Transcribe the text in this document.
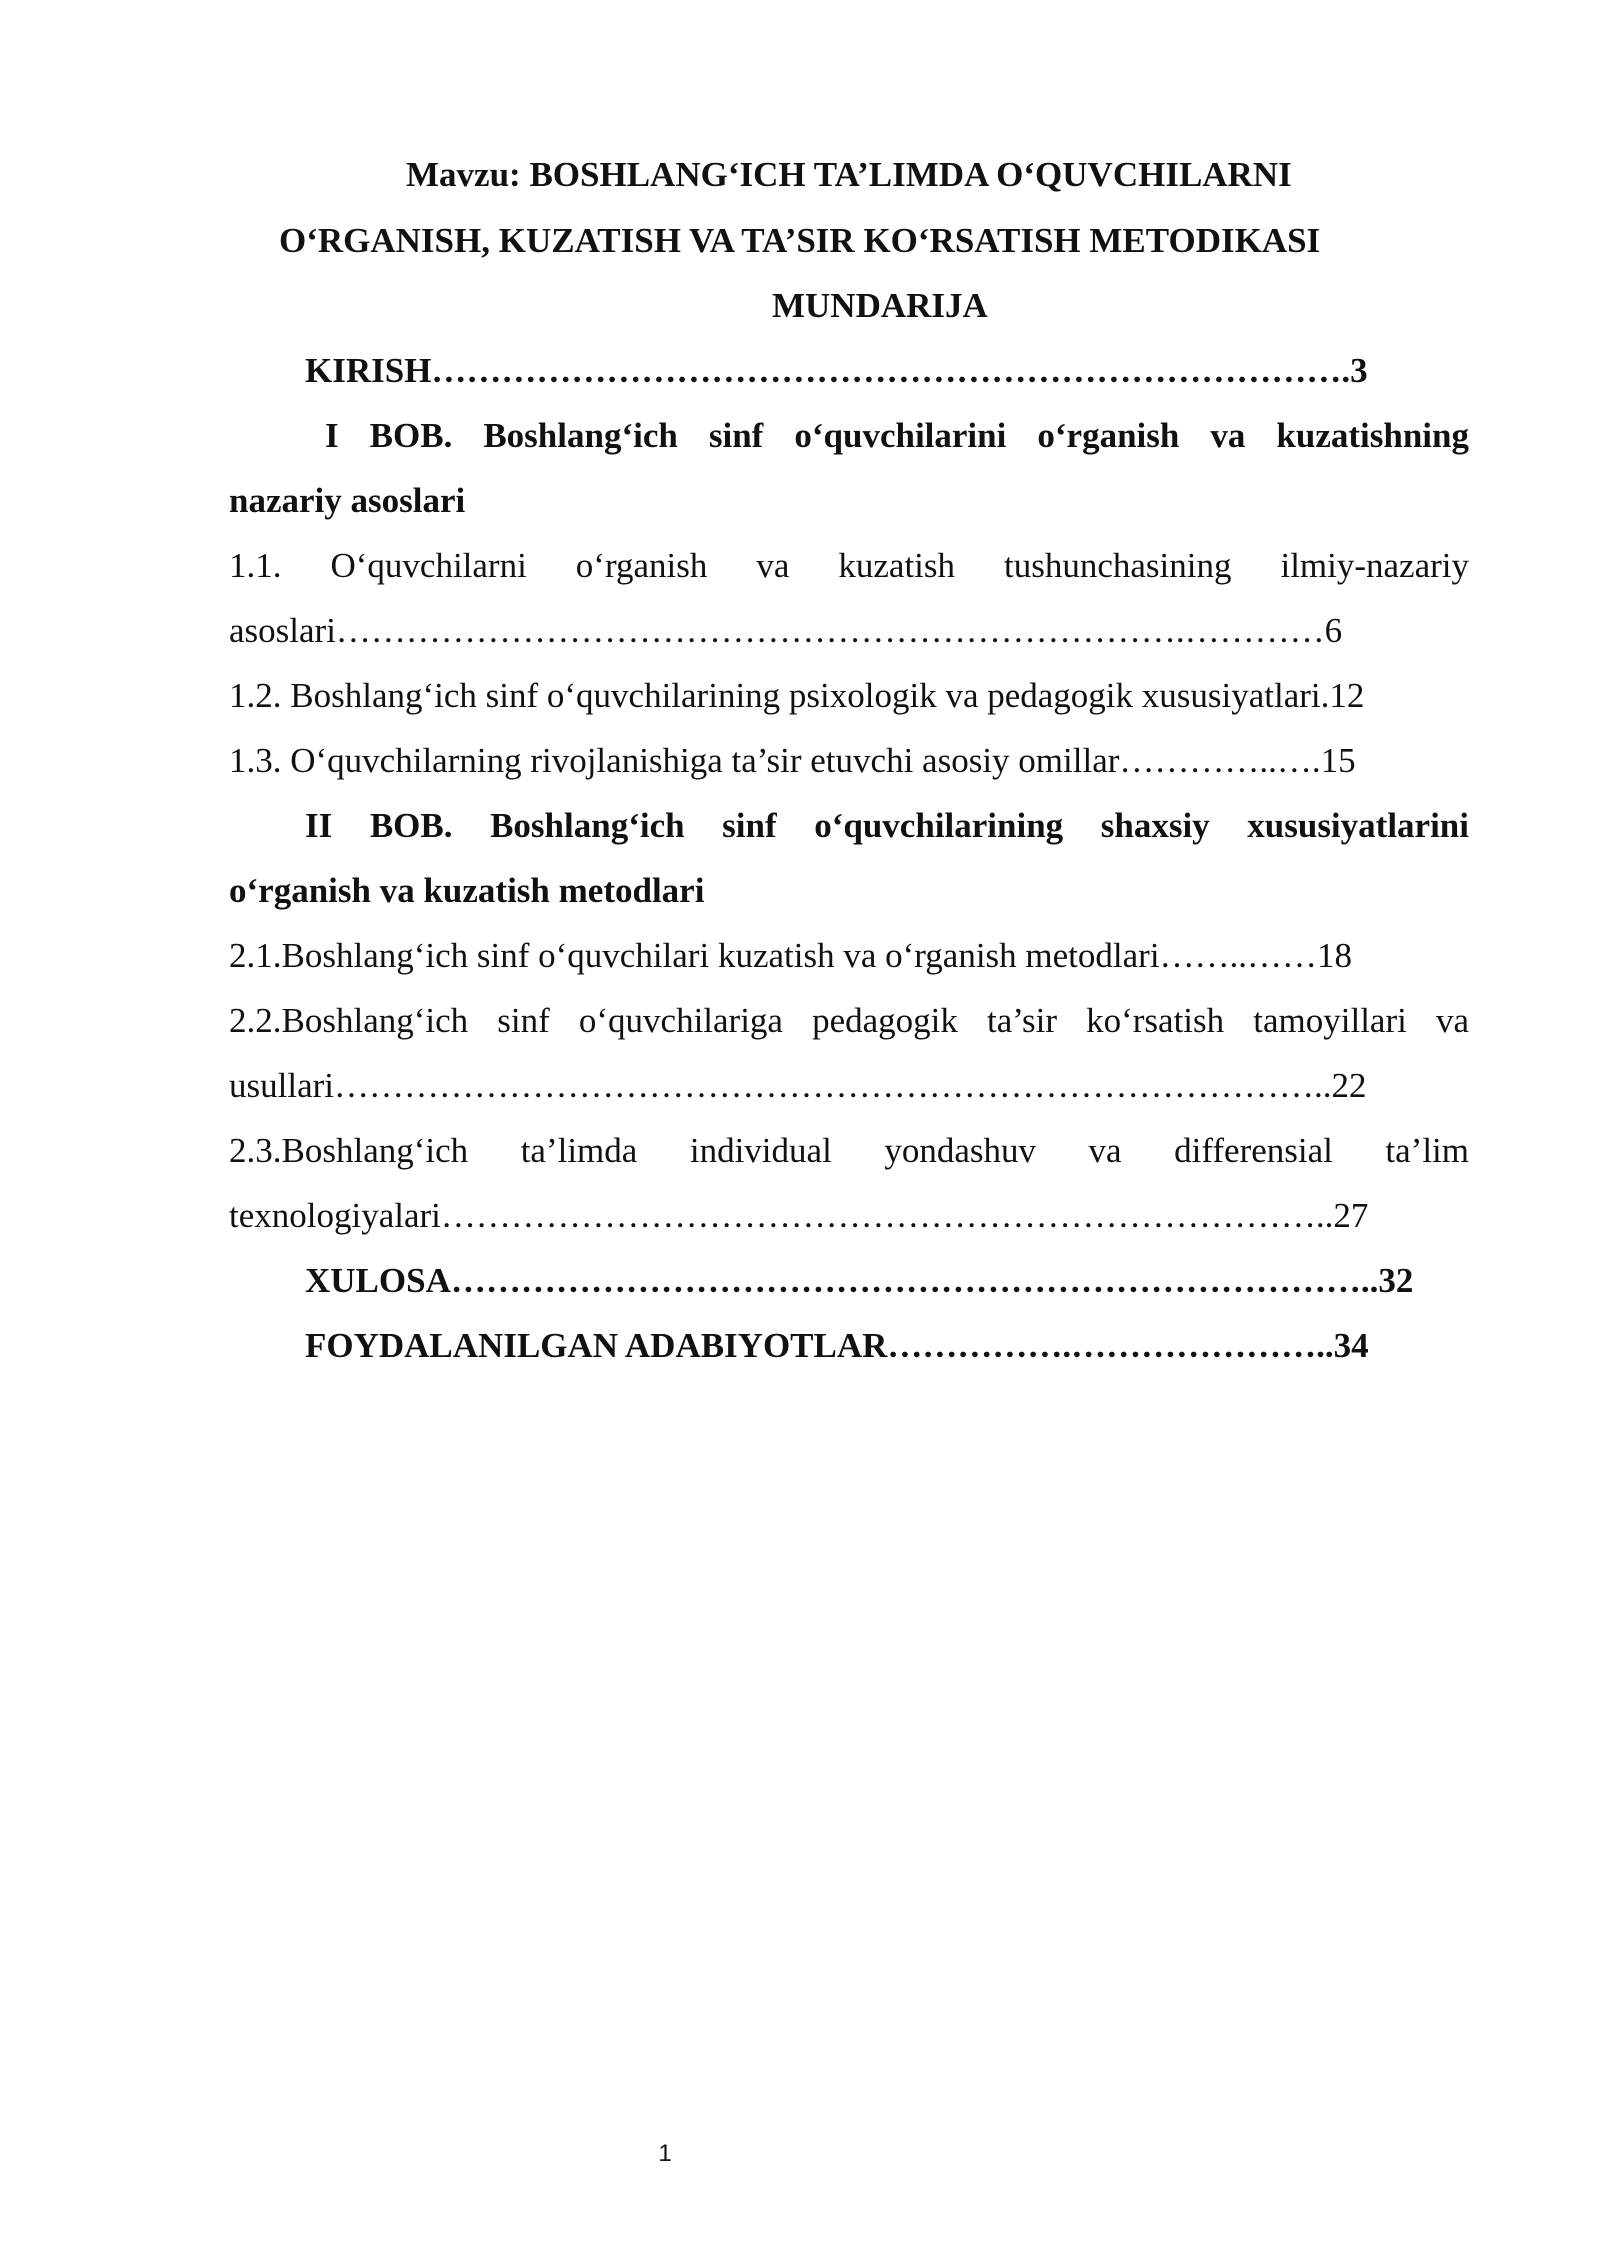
Mavzu: BOSHLANG‘ICH TA’LIMDA O‘QUVCHILARNI
O‘RGANISH, KUZATISH VA TA’SIR KO‘RSATISH METODIKASI
MUNDARIJA
KIRISH…………………………………………………………………….3
I BOB. Boshlang‘ich sinf o‘quvchilarini o‘rganish va kuzatishning
nazariy asoslari
1.1. O‘quvchilarni o‘rganish va kuzatish tushunchasining ilmiy-nazariy
asoslari……………………………………………………………….…………6
1.2. Boshlang‘ich sinf o‘quvchilarining psixologik va pedagogik xususiyatlari.12
1.3. O‘quvchilarning rivojlanishiga ta’sir etuvchi asosiy omillar…………..….15
II BOB. Boshlang‘ich sinf o‘quvchilarining shaxsiy xususiyatlarini
o‘rganish va kuzatish metodlari
2.1.Boshlang‘ich sinf o‘quvchilari kuzatish va o‘rganish metodlari……..……18
2.2.Boshlang‘ich sinf o‘quvchilariga pedagogik ta’sir ko‘rsatish tamoyillari va
usullari…………………………………………………………………………..22
2.3.Boshlang‘ich ta’limda individual yondashuv va differensial ta’lim
texnologiyalari…………………………………………………………………..27
XULOSA……………………………………………………………………..32
FOYDALANILGAN ADABIYOTLAR…………….…………………..34
1
